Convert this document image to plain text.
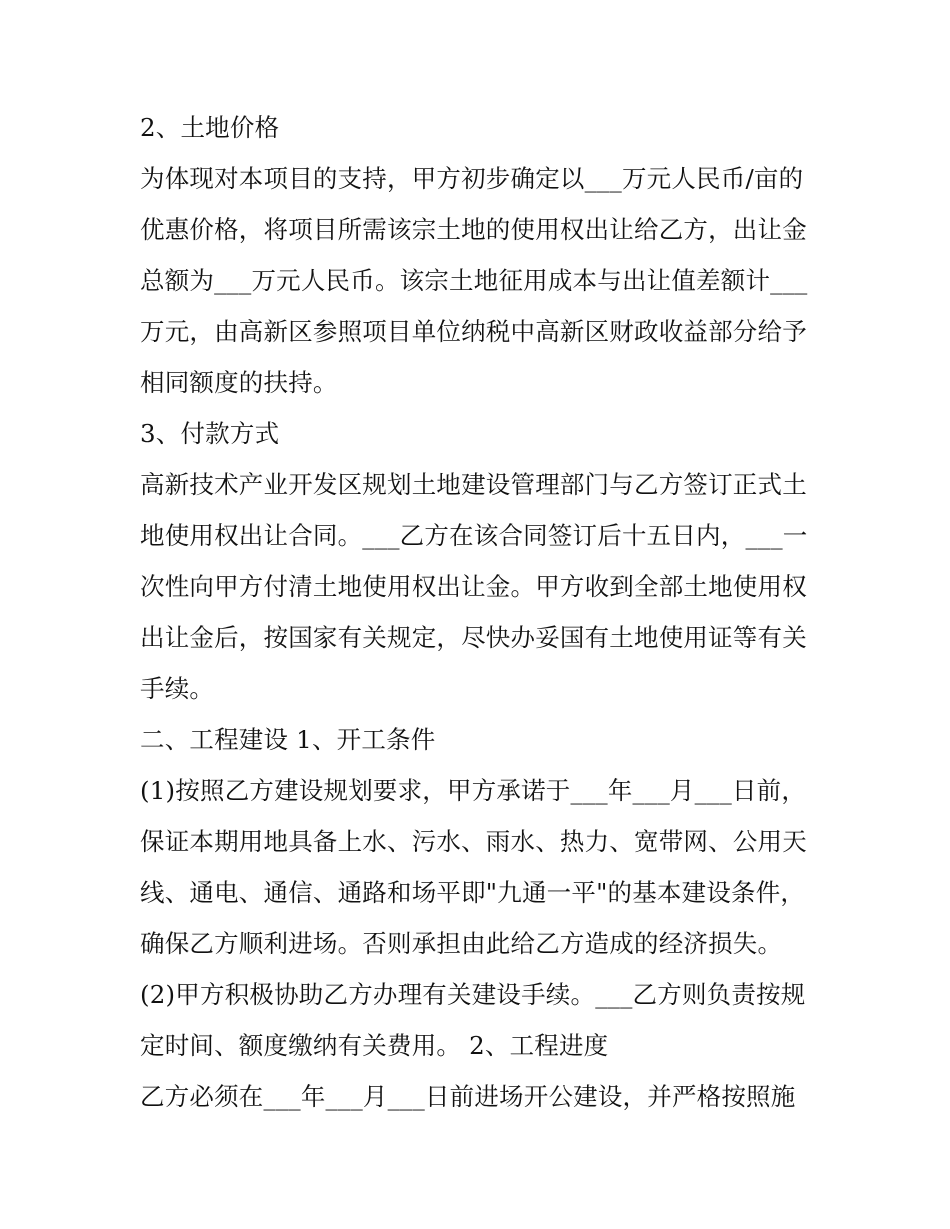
2、土地价格
为体现对本项目的支持，甲方初步确定以___万元人民币/亩的
优惠价格，将项目所需该宗土地的使用权出让给乙方，出让金
总额为___万元人民币。该宗土地征用成本与出让值差额计___
万元，由高新区参照项目单位纳税中高新区财政收益部分给予
相同额度的扶持。
3、付款方式
高新技术产业开发区规划土地建设管理部门与乙方签订正式土
地使用权出让合同。___乙方在该合同签订后十五日内，___一
次性向甲方付清土地使用权出让金。甲方收到全部土地使用权
出让金后，按国家有关规定，尽快办妥国有土地使用证等有关
手续。
二、工程建设 1、开工条件
(1)按照乙方建设规划要求，甲方承诺于___年___月___日前，
保证本期用地具备上水、污水、雨水、热力、宽带网、公用天
线、通电、通信、通路和场平即"九通一平"的基本建设条件，
确保乙方顺利进场。否则承担由此给乙方造成的经济损失。
(2)甲方积极协助乙方办理有关建设手续。___乙方则负责按规
定时间、额度缴纳有关费用。 2、工程进度
乙方必须在___年___月___日前进场开公建设，并严格按照施
